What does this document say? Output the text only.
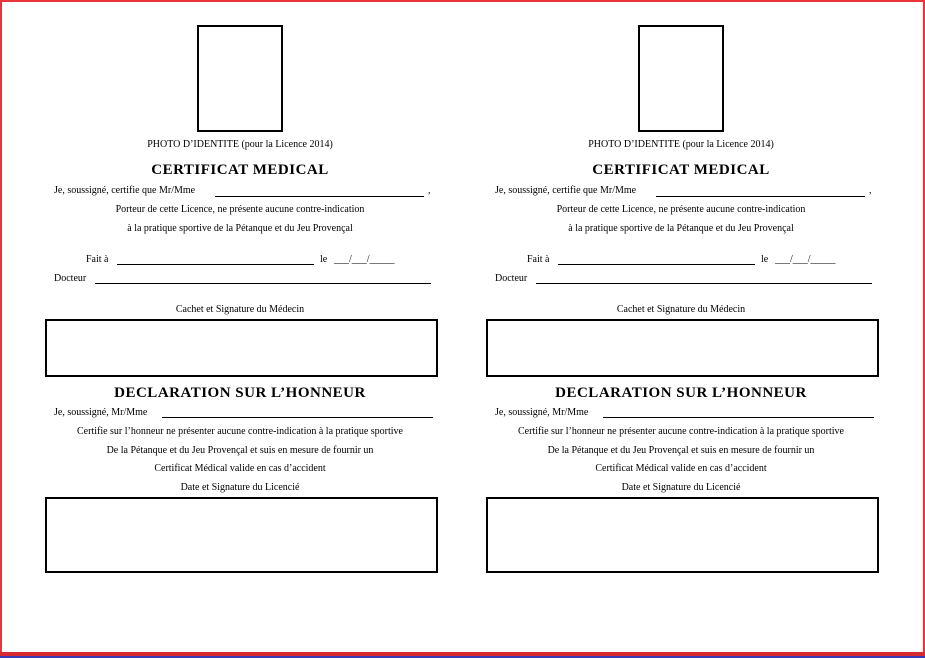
PHOTO D’IDENTITE (pour la Licence 2014)
CERTIFICAT MEDICAL
Je, soussigné, certifie que Mr/Mme	,
Porteur de cette Licence, ne présente aucune contre-indication
à la pratique sportive de la Pétanque et du Jeu Provençal
Fait à	le ___/___/_____
Docteur
Cachet et Signature du Médecin
DECLARATION SUR L’HONNEUR
Je, soussigné, Mr/Mme
Certifie sur l’honneur ne présenter aucune contre-indication à la pratique sportive
De la Pétanque et du Jeu Provençal et suis en mesure de fournir un
Certificat Médical valide en cas d’accident
Date et Signature du Licencié
PHOTO D’IDENTITE (pour la Licence 2014)
CERTIFICAT MEDICAL
Je, soussigné, certifie que Mr/Mme	,
Porteur de cette Licence, ne présente aucune contre-indication
à la pratique sportive de la Pétanque et du Jeu Provençal
Fait à	le ___/___/_____
Docteur
Cachet et Signature du Médecin
DECLARATION SUR L’HONNEUR
Je, soussigné, Mr/Mme
Certifie sur l’honneur ne présenter aucune contre-indication à la pratique sportive
De la Pétanque et du Jeu Provençal et suis en mesure de fournir un
Certificat Médical valide en cas d’accident
Date et Signature du Licencié
